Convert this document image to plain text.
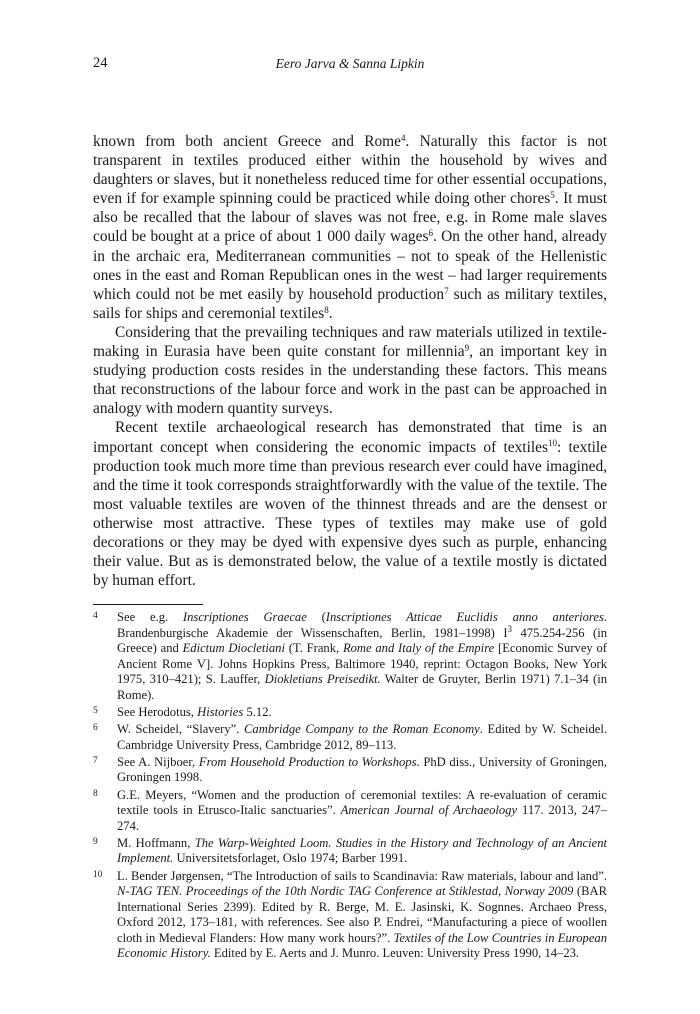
24	Eero Jarva & Sanna Lipkin

known from both ancient Greece and Rome$^4$. Naturally this factor is not transparent in textiles produced either within the household by wives and daughters or slaves, but it nonetheless reduced time for other essential occupations, even if for example spinning could be practiced while doing other chores$^5$. It must also be recalled that the labour of slaves was not free, e.g. in Rome male slaves could be bought at a price of about 1 000 daily wages$^6$. On the other hand, already in the archaic era, Mediterranean communities – not to speak of the Hellenistic ones in the east and Roman Republican ones in the west – had larger requirements which could not be met easily by household production$^7$ such as military textiles, sails for ships and ceremonial textiles$^8$.

Considering that the prevailing techniques and raw materials utilized in textile-making in Eurasia have been quite constant for millennia$^9$, an important key in studying production costs resides in the understanding these factors. This means that reconstructions of the labour force and work in the past can be approached in analogy with modern quantity surveys.

Recent textile archaeological research has demonstrated that time is an important concept when considering the economic impacts of textiles$^{10}$: textile production took much more time than previous research ever could have imagined, and the time it took corresponds straightforwardly with the value of the textile. The most valuable textiles are woven of the thinnest threads and are the densest or otherwise most attractive. These types of textiles may make use of gold decorations or they may be dyed with expensive dyes such as purple, enhancing their value. But as is demonstrated below, the value of a textile mostly is dictated by human effort.

4 See e.g. Inscriptiones Graecae (Inscriptiones Atticae Euclidis anno anteriores. Brandenburgische Akademie der Wissenschaften, Berlin, 1981–1998) $I^3$ 475.254-256 (in Greece) and Edictum Diocletiani (T. Frank, Rome and Italy of the Empire [Economic Survey of Ancient Rome V]. Johns Hopkins Press, Baltimore 1940, reprint: Octagon Books, New York 1975, 310–421); S. Lauffer, Diokletians Preisedikt. Walter de Gruyter, Berlin 1971) 7.1–34 (in Rome).
5 See Herodotus, Histories 5.12.
6 W. Scheidel, “Slavery”. Cambridge Company to the Roman Economy. Edited by W. Scheidel. Cambridge University Press, Cambridge 2012, 89–113.
7 See A. Nijboer, From Household Production to Workshops. PhD diss., University of Groningen, Groningen 1998.
8 G.E. Meyers, “Women and the production of ceremonial textiles: A re-evaluation of ceramic textile tools in Etrusco-Italic sanctuaries”. American Journal of Archaeology 117. 2013, 247–274.
9 M. Hoffmann, The Warp-Weighted Loom. Studies in the History and Technology of an Ancient Implement. Universitetsforlaget, Oslo 1974; Barber 1991.
10 L. Bender Jørgensen, “The Introduction of sails to Scandinavia: Raw materials, labour and land”. N-TAG TEN. Proceedings of the 10th Nordic TAG Conference at Stiklestad, Norway 2009 (BAR International Series 2399). Edited by R. Berge, M. E. Jasinski, K. Sognnes. Archaeo Press, Oxford 2012, 173–181, with references. See also P. Endrei, “Manufacturing a piece of woollen cloth in Medieval Flanders: How many work hours?”. Textiles of the Low Countries in European Economic History. Edited by E. Aerts and J. Munro. Leuven: University Press 1990, 14–23.
